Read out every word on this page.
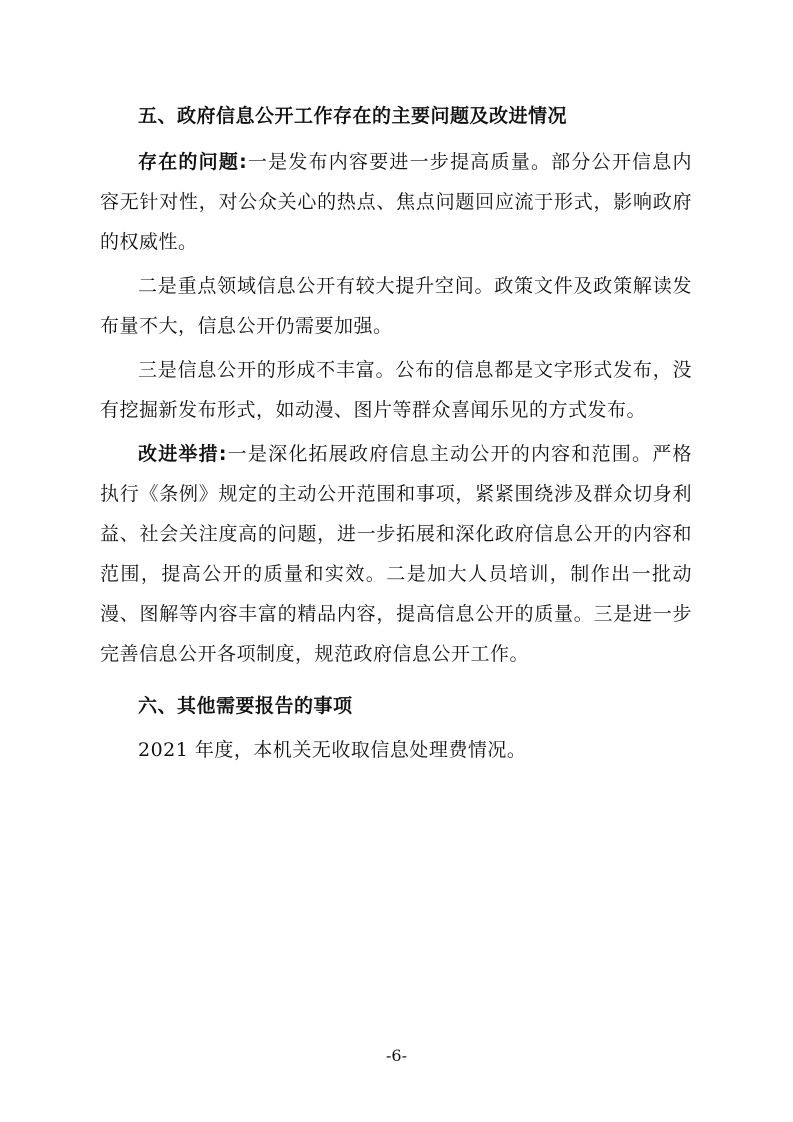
五、政府信息公开工作存在的主要问题及改进情况

存在的问题:一是发布内容要进一步提高质量。部分公开信息内容无针对性，对公众关心的热点、焦点问题回应流于形式，影响政府的权威性。

二是重点领域信息公开有较大提升空间。政策文件及政策解读发布量不大，信息公开仍需要加强。

三是信息公开的形成不丰富。公布的信息都是文字形式发布，没有挖掘新发布形式，如动漫、图片等群众喜闻乐见的方式发布。

改进举措:一是深化拓展政府信息主动公开的内容和范围。严格执行《条例》规定的主动公开范围和事项，紧紧围绕涉及群众切身利益、社会关注度高的问题，进一步拓展和深化政府信息公开的内容和范围，提高公开的质量和实效。二是加大人员培训，制作出一批动漫、图解等内容丰富的精品内容，提高信息公开的质量。三是进一步完善信息公开各项制度，规范政府信息公开工作。

六、其他需要报告的事项

2021 年度，本机关无收取信息处理费情况。

-6-
